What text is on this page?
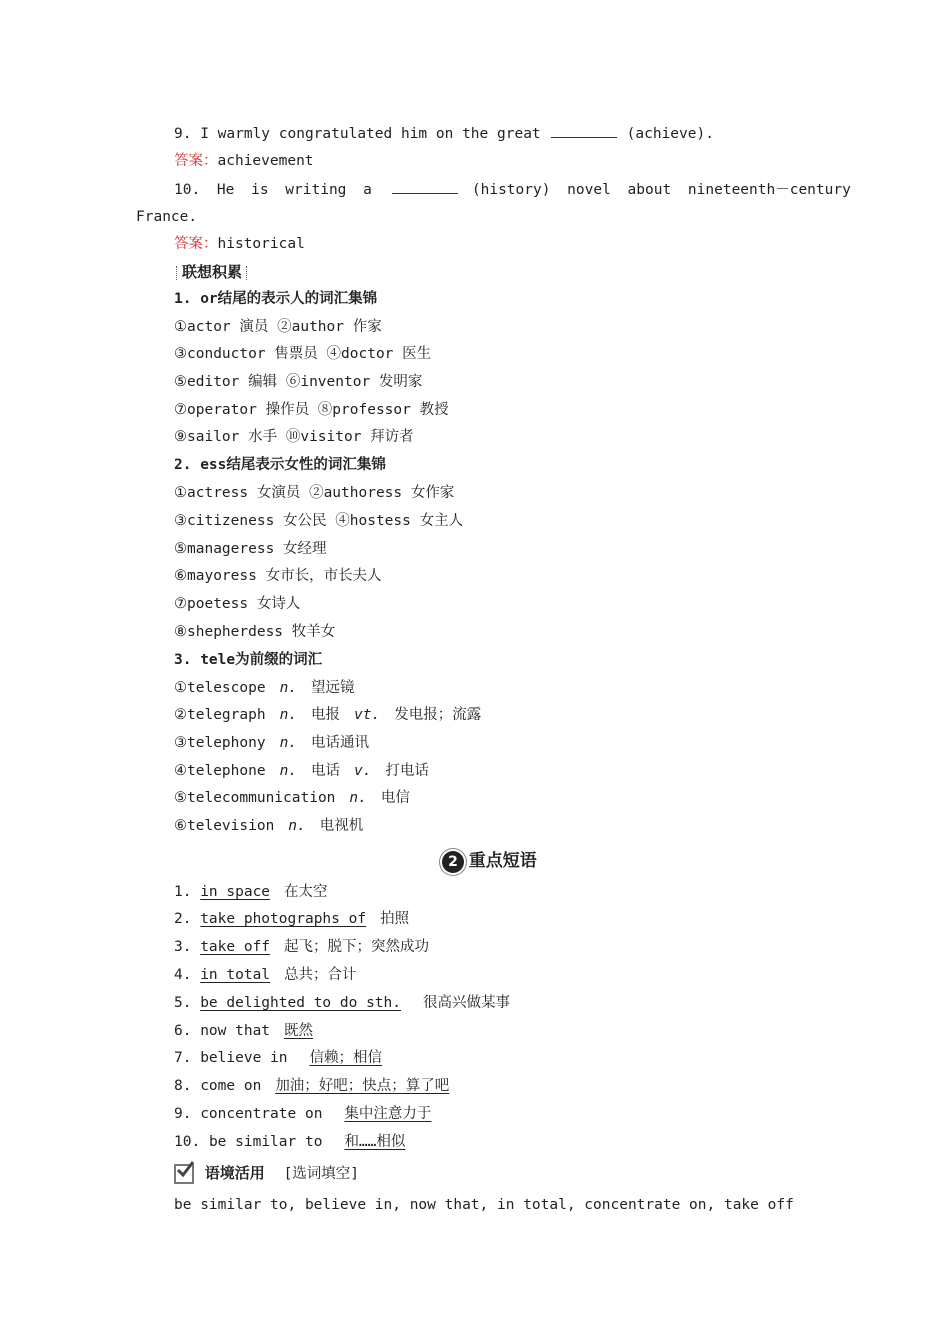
9. I warmly congratulated him on the great	(achieve).
答案：achievement
10. He is writing a	(history) novel about nineteenth－century
France.
答案：historical
联想积累
1. or结尾的表示人的词汇集锦
①actor 演员 ②author 作家
③conductor 售票员 ④doctor 医生
⑤editor 编辑 ⑥inventor 发明家
⑦operator 操作员 ⑧professor 教授
⑨sailor 水手 ⑩visitor 拜访者
2. ess结尾表示女性的词汇集锦
①actress 女演员 ②authoress 女作家
③citizeness 女公民 ④hostess 女主人
⑤manageress 女经理
⑥mayoress 女市长，市长夫人
⑦poetess 女诗人
⑧shepherdess 牧羊女
3. tele为前缀的词汇
①telescope n. 望远镜
②telegraph n. 电报 vt. 发电报；流露
③telephony n. 电话通讯
④telephone n. 电话 v. 打电话
⑤telecommunication n. 电信
⑥television n. 电视机
2 重点短语
1. in space 在太空
2. take photographs of 拍照
3. take off 起飞；脱下；突然成功
4. in total 总共；合计
5. be delighted to do sth. 很高兴做某事
6. now that 既然
7. believe in 信赖；相信
8. come on 加油；好吧；快点；算了吧
9. concentrate on 集中注意力于
10. be similar to 和……相似
语境活用 [选词填空]
be similar to, believe in, now that, in total, concentrate on, take off
